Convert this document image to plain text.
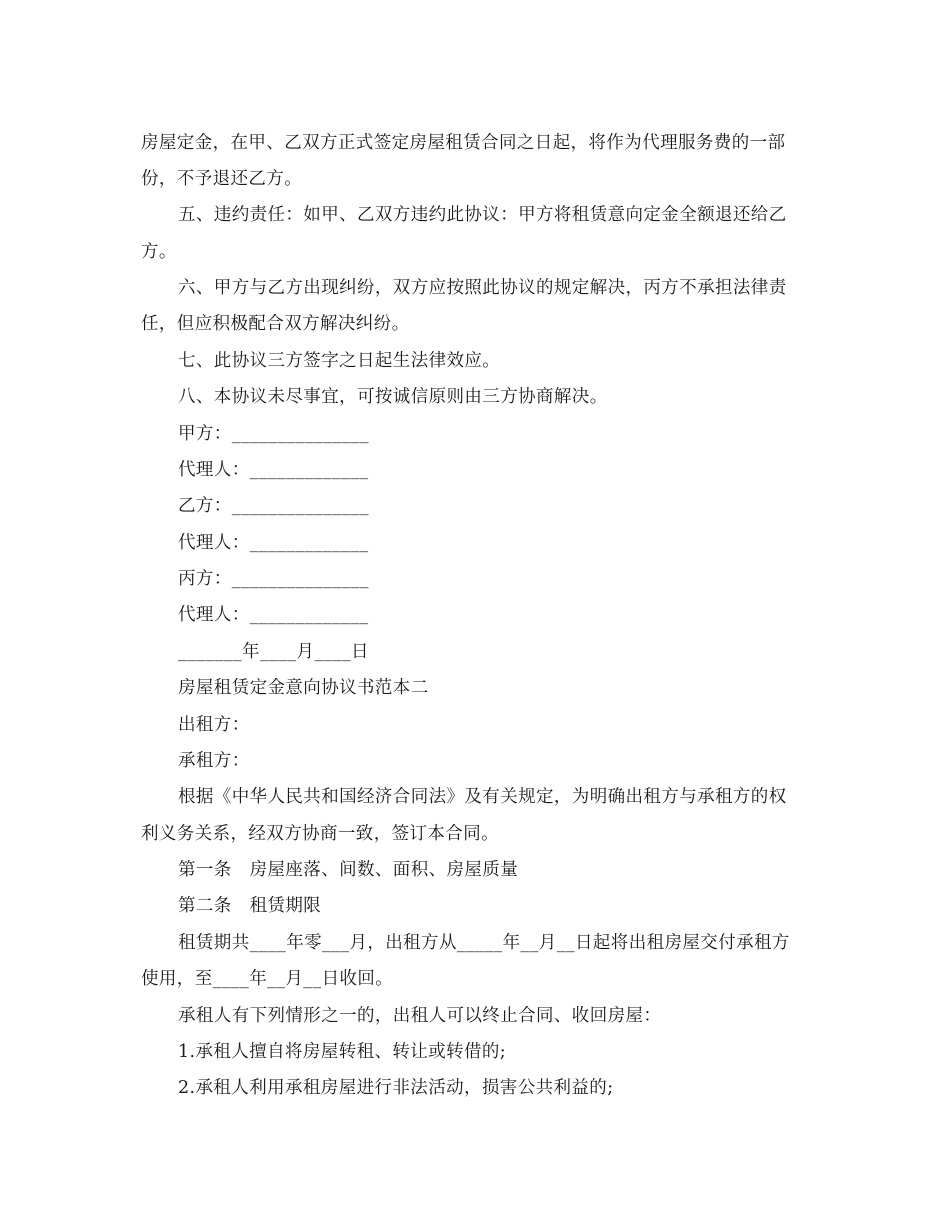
房屋定金，在甲、乙双方正式签定房屋租赁合同之日起，将作为代理服务费的一部
份，不予退还乙方。
五、违约责任：如甲、乙双方违约此协议：甲方将租赁意向定金全额退还给乙
方。
六、甲方与乙方出现纠纷，双方应按照此协议的规定解决，丙方不承担法律责
任，但应积极配合双方解决纠纷。
七、此协议三方签字之日起生法律效应。
八、本协议未尽事宜，可按诚信原则由三方协商解决。
甲方：_______________
代理人：_____________
乙方：_______________
代理人：_____________
丙方：_______________
代理人：_____________
_______年____月____日
房屋租赁定金意向协议书范本二
出租方：
承租方：
根据《中华人民共和国经济合同法》及有关规定，为明确出租方与承租方的权
利义务关系，经双方协商一致，签订本合同。
第一条　房屋座落、间数、面积、房屋质量
第二条　租赁期限
租赁期共____年零___月，出租方从_____年__月__日起将出租房屋交付承租方
使用，至____年__月__日收回。
承租人有下列情形之一的，出租人可以终止合同、收回房屋：
1.承租人擅自将房屋转租、转让或转借的;
2.承租人利用承租房屋进行非法活动，损害公共利益的;
